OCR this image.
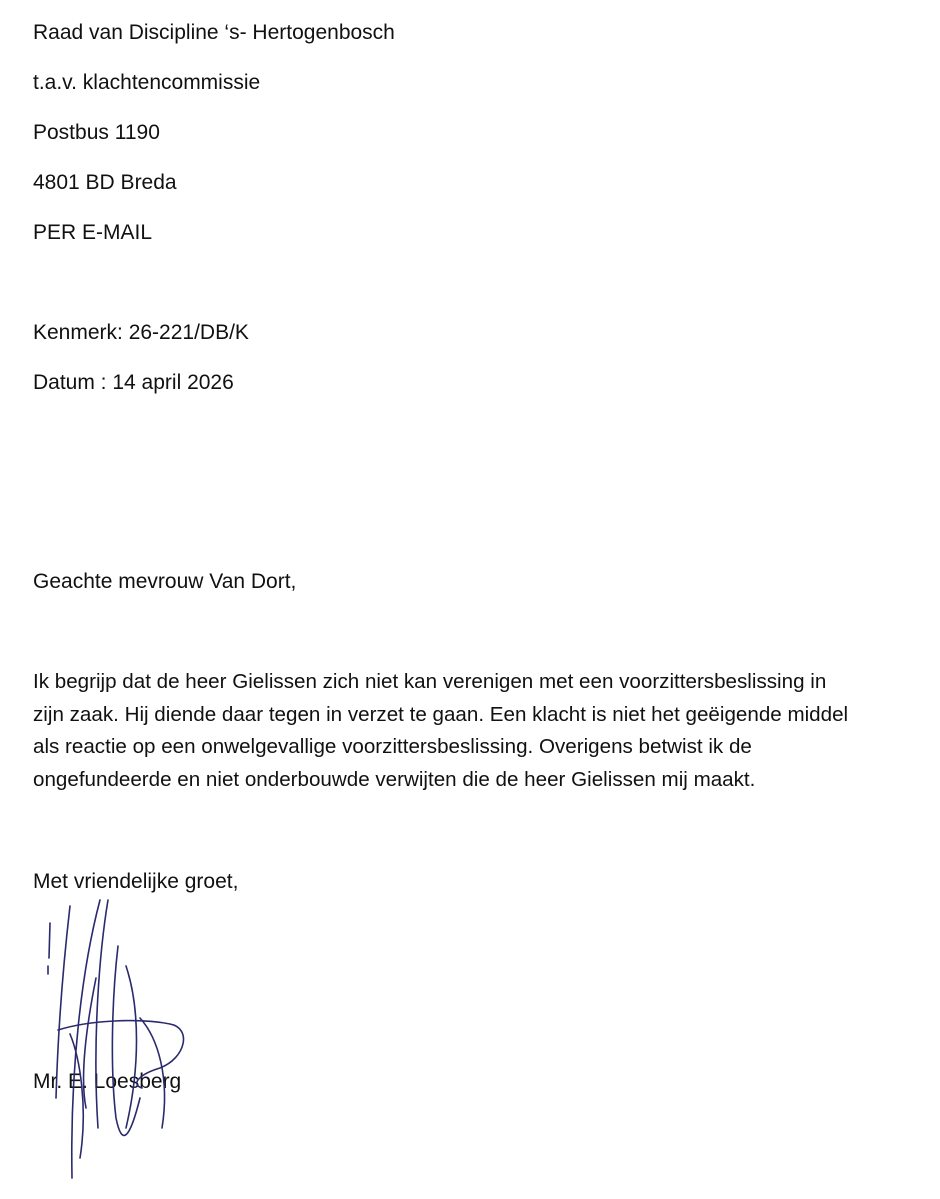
Raad van Discipline ‘s- Hertogenbosch
t.a.v. klachtencommissie
Postbus 1190
4801 BD Breda
PER E-MAIL
Kenmerk: 26-221/DB/K
Datum : 14 april 2026
Geachte mevrouw Van Dort,
Ik begrijp dat de heer Gielissen zich niet kan verenigen met een voorzittersbeslissing in
zijn zaak. Hij diende daar tegen in verzet te gaan. Een klacht is niet het geëigende middel
als reactie op een onwelgevallige voorzittersbeslissing. Overigens betwist ik de
ongefundeerde en niet onderbouwde verwijten die de heer Gielissen mij maakt.
Met vriendelijke groet,
Mr. E. Loesberg
